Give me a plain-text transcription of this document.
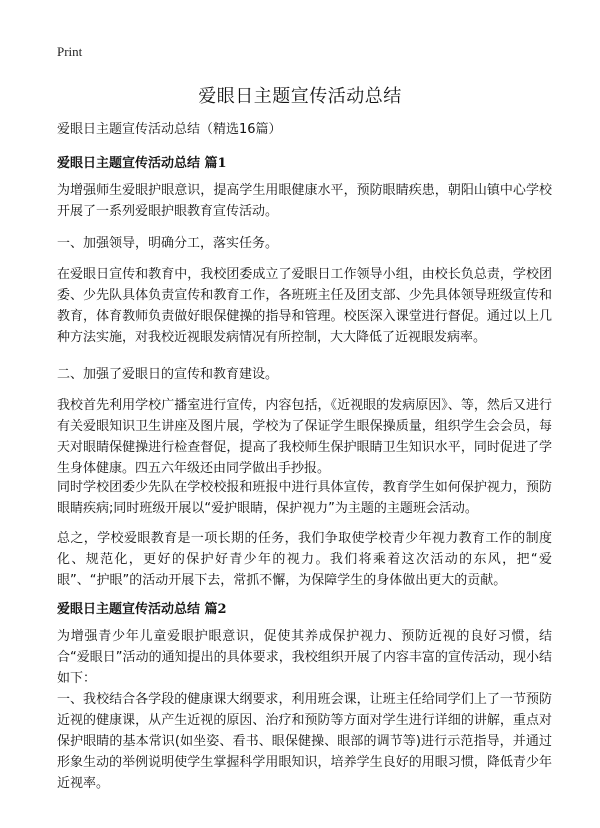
Print
爱眼日主题宣传活动总结

爱眼日主题宣传活动总结（精选16篇）

爱眼日主题宣传活动总结 篇1

为增强师生爱眼护眼意识，提高学生用眼健康水平，预防眼睛疾患，朝阳山镇中心学校开展了一系列爱眼护眼教育宣传活动。

一、加强领导，明确分工，落实任务。

在爱眼日宣传和教育中，我校团委成立了爱眼日工作领导小组，由校长负总责，学校团委、少先队具体负责宣传和教育工作，各班班主任及团支部、少先具体领导班级宣传和教育，体育教师负责做好眼保健操的指导和管理。校医深入课堂进行督促。通过以上几种方法实施，对我校近视眼发病情况有所控制，大大降低了近视眼发病率。

二、加强了爱眼日的宣传和教育建设。

我校首先利用学校广播室进行宣传，内容包括，《近视眼的发病原因》、等，然后又进行有关爱眼知识卫生讲座及图片展，学校为了保证学生眼保操质量，组织学生会会员，每天对眼睛保健操进行检查督促，提高了我校师生保护眼睛卫生知识水平，同时促进了学生身体健康。四五六年级还由同学做出手抄报。

同时学校团委少先队在学校校报和班报中进行具体宣传，教育学生如何保护视力，预防眼睛疾病;同时班级开展以“爱护眼睛，保护视力”为主题的主题班会活动。

总之，学校爱眼教育是一项长期的任务，我们争取使学校青少年视力教育工作的制度化、规范化，更好的保护好青少年的视力。我们将乘着这次活动的东风，把“爱眼”、“护眼”的活动开展下去，常抓不懈，为保障学生的身体做出更大的贡献。

爱眼日主题宣传活动总结 篇2

为增强青少年儿童爱眼护眼意识，促使其养成保护视力、预防近视的良好习惯，结合“爱眼日”活动的通知提出的具体要求，我校组织开展了内容丰富的宣传活动，现小结如下：

一、我校结合各学段的健康课大纲要求，利用班会课，让班主任给同学们上了一节预防近视的健康课，从产生近视的原因、治疗和预防等方面对学生进行详细的讲解，重点对保护眼睛的基本常识(如坐姿、看书、眼保健操、眼部的调节等)进行示范指导，并通过形象生动的举例说明使学生掌握科学用眼知识，培养学生良好的用眼习惯，降低青少年近视率。
